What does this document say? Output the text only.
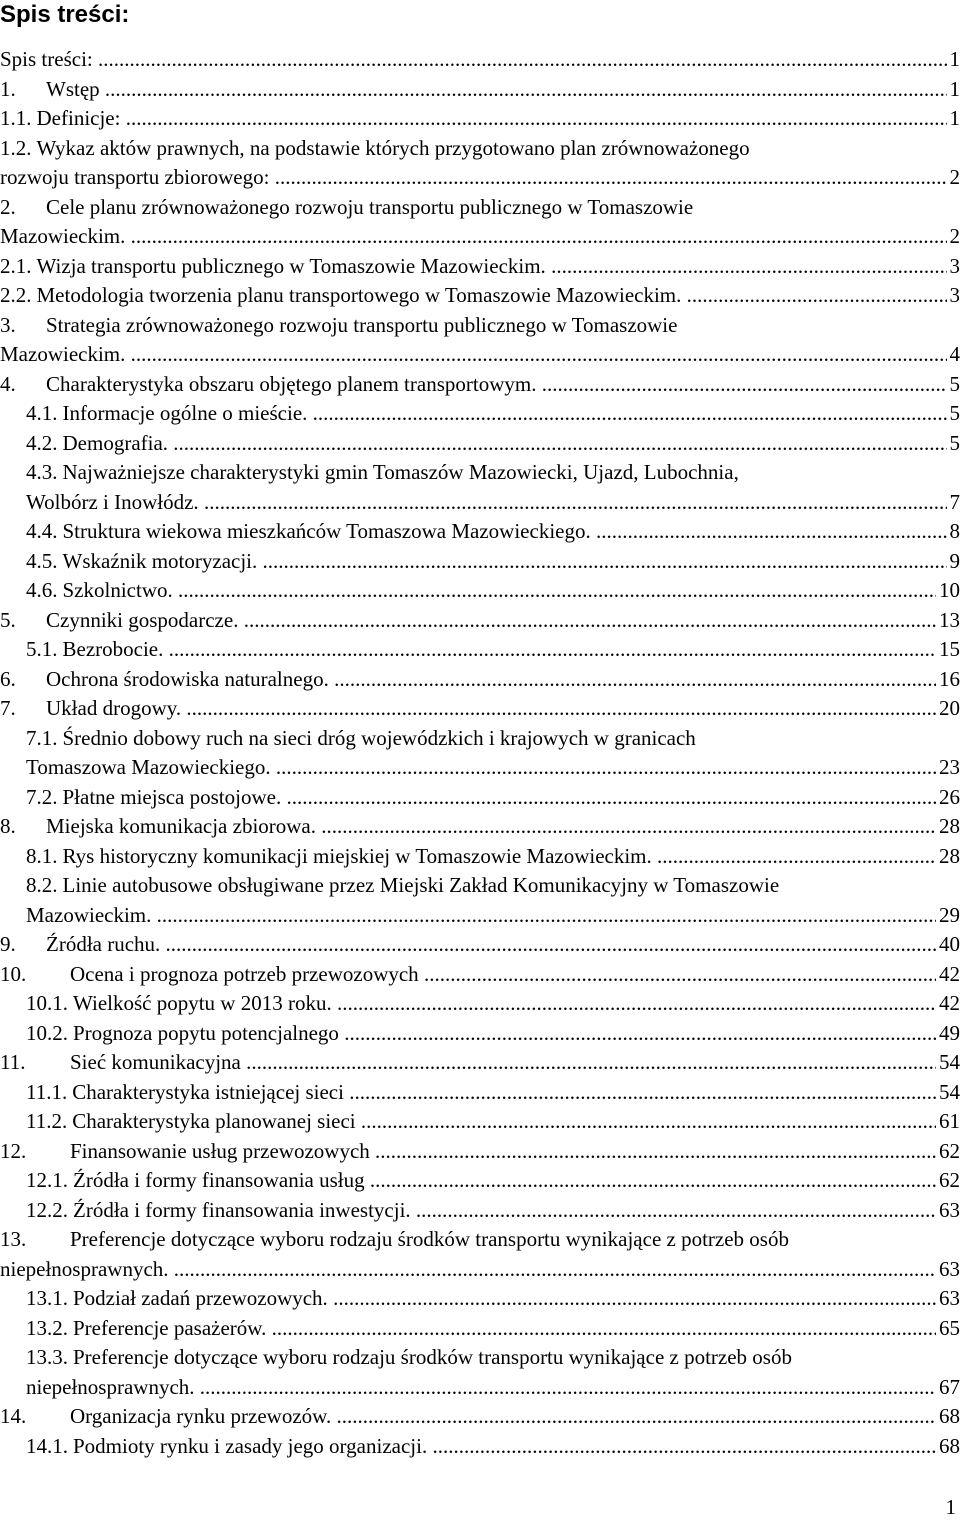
Spis treści:
Spis treści: .....	1
1. Wstęp .....	1
1.1. Definicje: .....	1
1.2. Wykaz aktów prawnych, na podstawie których przygotowano plan zrównoważonego
rozwoju transportu zbiorowego: .....	2
2. Cele planu zrównoważonego rozwoju transportu publicznego w Tomaszowie
Mazowieckim. .....	2
2.1. Wizja transportu publicznego w Tomaszowie Mazowieckim. .....	3
2.2. Metodologia tworzenia planu transportowego w Tomaszowie Mazowieckim. .....	3
3. Strategia zrównoważonego rozwoju transportu publicznego w Tomaszowie
Mazowieckim. .....	4
4. Charakterystyka obszaru objętego planem transportowym. .....	5
4.1. Informacje ogólne o mieście. .....	5
4.2. Demografia. .....	5
4.3. Najważniejsze charakterystyki gmin Tomaszów Mazowiecki, Ujazd, Lubochnia,
Wolbórz i Inowłódz. .....	7
4.4. Struktura wiekowa mieszkańców Tomaszowa Mazowieckiego. .....	8
4.5. Wskaźnik motoryzacji. .....	9
4.6. Szkolnictwo. .....	10
5. Czynniki gospodarcze. .....	13
5.1. Bezrobocie. .....	15
6. Ochrona środowiska naturalnego. .....	16
7. Układ drogowy. .....	20
7.1. Średnio dobowy ruch na sieci dróg wojewódzkich i krajowych w granicach
Tomaszowa Mazowieckiego. .....	23
7.2. Płatne miejsca postojowe. .....	26
8. Miejska komunikacja zbiorowa. .....	28
8.1. Rys historyczny komunikacji miejskiej w Tomaszowie Mazowieckim. .....	28
8.2. Linie autobusowe obsługiwane przez Miejski Zakład Komunikacyjny w Tomaszowie
Mazowieckim. .....	29
9. Źródła ruchu. .....	40
10. Ocena i prognoza potrzeb przewozowych .....	42
10.1. Wielkość popytu w 2013 roku. .....	42
10.2. Prognoza popytu potencjalnego .....	49
11. Sieć komunikacyjna .....	54
11.1. Charakterystyka istniejącej sieci .....	54
11.2. Charakterystyka planowanej sieci .....	61
12. Finansowanie usług przewozowych .....	62
12.1. Źródła i formy finansowania usług .....	62
12.2. Źródła i formy finansowania inwestycji. .....	63
13. Preferencje dotyczące wyboru rodzaju środków transportu wynikające z potrzeb osób
niepełnosprawnych. .....	63
13.1. Podział zadań przewozowych. .....	63
13.2. Preferencje pasażerów. .....	65
13.3. Preferencje dotyczące wyboru rodzaju środków transportu wynikające z potrzeb osób
niepełnosprawnych. .....	67
14. Organizacja rynku przewozów. .....	68
14.1. Podmioty rynku i zasady jego organizacji. .....	68
1
